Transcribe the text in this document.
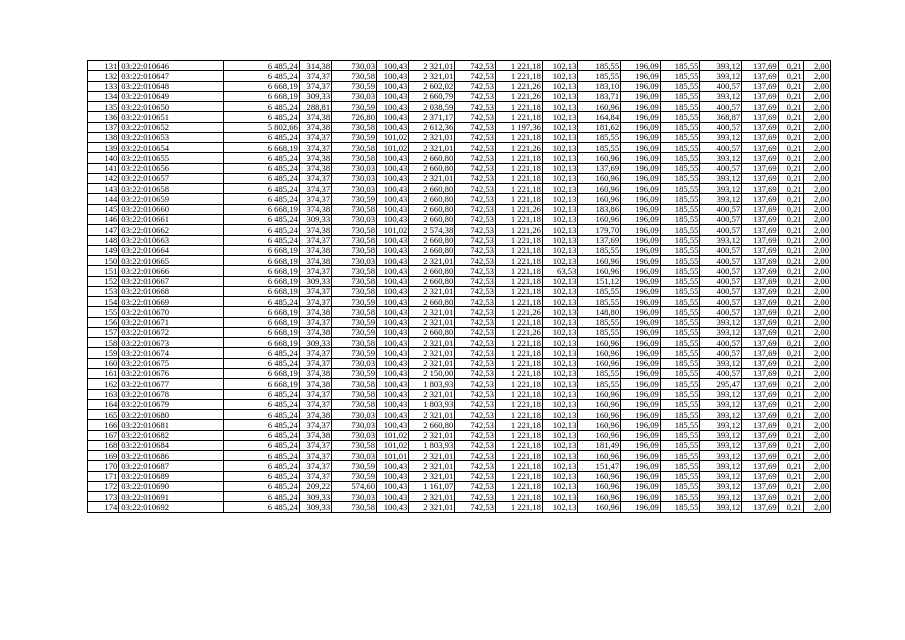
131	03:22:010646	6 485,24	314,38	730,03	100,43	2 321,01	742,53	1 221,18	102,13	185,55	196,09	185,55	393,12	137,69	0,21	2,00
132	03:22:010647	6 485,24	374,37	730,58	100,43	2 321,01	742,53	1 221,18	102,13	185,55	196,09	185,55	393,12	137,69	0,21	2,00
133	03:22:010648	6 668,19	374,37	730,59	100,43	2 602,02	742,53	1 221,26	102,13	183,10	196,09	185,55	400,57	137,69	0,21	2,00
134	03:22:010649	6 668,19	309,33	730,03	100,43	2 660,79	742,53	1 221,26	102,13	183,71	196,09	185,55	393,12	137,69	0,21	2,00
135	03:22:010650	6 485,24	288,81	730,59	100,43	2 038,59	742,53	1 221,18	102,13	160,96	196,09	185,55	400,57	137,69	0,21	2,00
136	03:22:010651	6 485,24	374,38	726,80	100,43	2 371,17	742,53	1 221,18	102,13	164,84	196,09	185,55	368,87	137,69	0,21	2,00
137	03:22:010652	5 802,66	374,38	730,58	100,43	2 612,36	742,53	1 197,36	102,13	181,62	196,09	185,55	400,57	137,69	0,21	2,00
138	03:22:010653	6 485,24	374,37	730,59	101,02	2 321,01	742,53	1 221,18	102,13	185,55	196,09	185,55	393,12	137,69	0,21	2,00
139	03:22:010654	6 668,19	374,37	730,58	101,02	2 321,01	742,53	1 221,26	102,13	185,55	196,09	185,55	400,57	137,69	0,21	2,00
140	03:22:010655	6 485,24	374,38	730,58	100,43	2 660,80	742,53	1 221,18	102,13	160,96	196,09	185,55	393,12	137,69	0,21	2,00
141	03:22:010656	6 485,24	374,38	730,03	100,43	2 660,80	742,53	1 221,18	102,13	137,69	196,09	185,55	400,57	137,69	0,21	2,00
142	03:22:010657	6 485,24	374,37	730,03	100,43	2 321,01	742,53	1 221,18	102,13	160,96	196,09	185,55	393,12	137,69	0,21	2,00
143	03:22:010658	6 485,24	374,37	730,03	100,43	2 660,80	742,53	1 221,18	102,13	160,96	196,09	185,55	393,12	137,69	0,21	2,00
144	03:22:010659	6 485,24	374,37	730,59	100,43	2 660,80	742,53	1 221,18	102,13	160,96	196,09	185,55	393,12	137,69	0,21	2,00
145	03:22:010660	6 668,19	374,38	730,58	100,43	2 660,80	742,53	1 221,26	102,13	183,86	196,09	185,55	400,57	137,69	0,21	2,00
146	03:22:010661	6 485,24	309,33	730,03	100,43	2 660,80	742,53	1 221,18	102,13	160,96	196,09	185,55	400,57	137,69	0,21	2,00
147	03:22:010662	6 485,24	374,38	730,58	101,02	2 574,38	742,53	1 221,26	102,13	179,70	196,09	185,55	400,57	137,69	0,21	2,00
148	03:22:010663	6 485,24	374,37	730,58	100,43	2 660,80	742,53	1 221,18	102,13	137,69	196,09	185,55	393,12	137,69	0,21	2,00
149	03:22:010664	6 668,19	374,38	730,58	100,43	2 660,80	742,53	1 221,18	102,13	185,55	196,09	185,55	400,57	137,69	0,21	2,00
150	03:22:010665	6 668,19	374,38	730,03	100,43	2 321,01	742,53	1 221,18	102,13	160,96	196,09	185,55	400,57	137,69	0,21	2,00
151	03:22:010666	6 668,19	374,37	730,58	100,43	2 660,80	742,53	1 221,18	63,53	160,96	196,09	185,55	400,57	137,69	0,21	2,00
152	03:22:010667	6 668,19	309,33	730,58	100,43	2 660,80	742,53	1 221,18	102,13	151,12	196,09	185,55	400,57	137,69	0,21	2,00
153	03:22:010668	6 668,19	374,37	730,58	100,43	2 321,01	742,53	1 221,18	102,13	185,55	196,09	185,55	400,57	137,69	0,21	2,00
154	03:22:010669	6 485,24	374,37	730,59	100,43	2 660,80	742,53	1 221,18	102,13	185,55	196,09	185,55	400,57	137,69	0,21	2,00
155	03:22:010670	6 668,19	374,38	730,58	100,43	2 321,01	742,53	1 221,26	102,13	148,80	196,09	185,55	400,57	137,69	0,21	2,00
156	03:22:010671	6 668,19	374,37	730,59	100,43	2 321,01	742,53	1 221,18	102,13	185,55	196,09	185,55	393,12	137,69	0,21	2,00
157	03:22:010672	6 668,19	374,38	730,59	100,43	2 660,80	742,53	1 221,26	102,13	185,55	196,09	185,55	393,12	137,69	0,21	2,00
158	03:22:010673	6 668,19	309,33	730,58	100,43	2 321,01	742,53	1 221,18	102,13	160,96	196,09	185,55	400,57	137,69	0,21	2,00
159	03:22:010674	6 485,24	374,37	730,59	100,43	2 321,01	742,53	1 221,18	102,13	160,96	196,09	185,55	400,57	137,69	0,21	2,00
160	03:22:010675	6 485,24	374,37	730,03	100,43	2 321,01	742,53	1 221,18	102,13	160,96	196,09	185,55	393,12	137,69	0,21	2,00
161	03:22:010676	6 668,19	374,38	730,59	100,43	2 150,00	742,53	1 221,18	102,13	185,55	196,09	185,55	400,57	137,69	0,21	2,00
162	03:22:010677	6 668,19	374,38	730,58	100,43	1 803,93	742,53	1 221,18	102,13	185,55	196,09	185,55	295,47	137,69	0,21	2,00
163	03:22:010678	6 485,24	374,37	730,58	100,43	2 321,01	742,53	1 221,18	102,13	160,96	196,09	185,55	393,12	137,69	0,21	2,00
164	03:22:010679	6 485,24	374,37	730,58	100,43	1 803,93	742,53	1 221,18	102,13	160,96	196,09	185,55	393,12	137,69	0,21	2,00
165	03:22:010680	6 485,24	374,38	730,03	100,43	2 321,01	742,53	1 221,18	102,13	160,96	196,09	185,55	393,12	137,69	0,21	2,00
166	03:22:010681	6 485,24	374,37	730,03	100,43	2 660,80	742,53	1 221,18	102,13	160,96	196,09	185,55	393,12	137,69	0,21	2,00
167	03:22:010682	6 485,24	374,38	730,03	101,02	2 321,01	742,53	1 221,18	102,13	160,96	196,09	185,55	393,12	137,69	0,21	2,00
168	03:22:010684	6 485,24	374,37	730,58	101,02	1 803,93	742,53	1 221,18	102,13	181,49	196,09	185,55	393,12	137,69	0,21	2,00
169	03:22:010686	6 485,24	374,37	730,03	101,01	2 321,01	742,53	1 221,18	102,13	160,96	196,09	185,55	393,12	137,69	0,21	2,00
170	03:22:010687	6 485,24	374,37	730,59	100,43	2 321,01	742,53	1 221,18	102,13	151,47	196,09	185,55	393,12	137,69	0,21	2,00
171	03:22:010689	6 485,24	374,37	730,59	100,43	2 321,01	742,53	1 221,18	102,13	160,96	196,09	185,55	393,12	137,69	0,21	2,00
172	03:22:010690	6 485,24	209,22	574,60	100,43	1 161,07	742,53	1 221,18	102,13	160,96	196,09	185,55	393,12	137,69	0,21	2,00
173	03:22:010691	6 485,24	309,33	730,03	100,43	2 321,01	742,53	1 221,18	102,13	160,96	196,09	185,55	393,12	137,69	0,21	2,00
174	03:22:010692	6 485,24	309,33	730,58	100,43	2 321,01	742,53	1 221,18	102,13	160,96	196,09	185,55	393,12	137,69	0,21	2,00
